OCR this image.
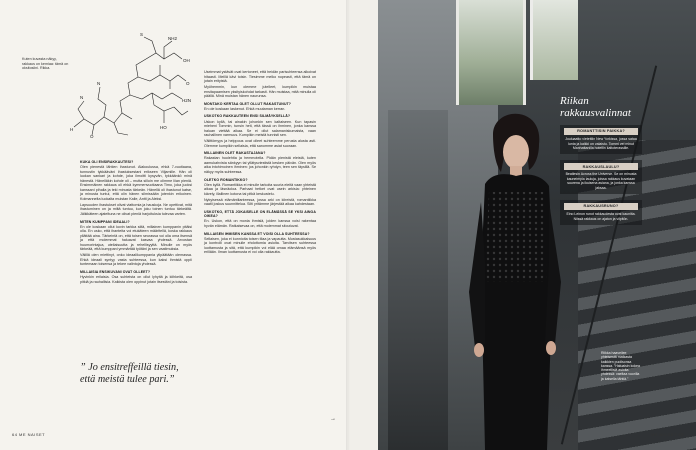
H
O
N
NH2
S
OH
H2N
HO
O
N
Kuten kuvasta näkyy, rakkaus on kemiaa: tämä on oksitosiini. Rikka.
KUKA OLI ENSIRAKKAUTESI?

Olen pienestä lähtien ihastunut. Alakoulussa, ehkä 7-vuotiaana, tunnustin tykkääväni ihastuksestani erikseen Viljamille. Hän oli luokan sankari ja kohde, joka ilmoitti kysyvän, tykkäänkö minä hänestä. Hänelläkin kohde oli – mutta silloin me olimme liian pieniä. Ensimmäinen rakkaus oli ehkä kymmenvuotiaana Timo, joka juoksi kanssani pihalla ja teki minusta tärkeän. Hänellä oli ihastunut katse, ja minusta tuntui, että olin hänen silmissään jotenkin erikoinen. Kolmannelta luokalta muistan Kalle, Antti ja Aleksi.

Lapsuuden ihastukset olivat viattomia ja hauskoja. Ne opettivat, mitä ihastuminen on ja miltä tuntuu, kun joku toinen tuntuu tärkeältä. Jälkikäteen ajateltuna ne olivat pieniä harjoituksia tulevaa varten.

MITEN KUMPPANI IDEAALI?

En ole koskaan ollut kovin tarkka siitä, millainen kumppanin pitäisi olla. En usko, että ihanteita voi etukäteen määritellä, koska rakkaus yllättää aina. Tärkeintä on, että toisen seurassa voi olla oma itsensä ja että molemmat haluavat kasvaa yhdessä. Arvostan huumorintajua, uteliaisuutta ja rehellisyyttä. Minulle on myös tärkeää, että kumppani ymmärtää työtäni ja sen vaatimuksia.

Välillä olen miettinyt, onko ideaalikumppania ylipäätään olemassa. Ehkä ideaali syntyy vasta suhteessa, kun kaksi ihmistä oppii tuntemaan toisensa ja tekee valintoja yhdessä.

MILLAISIA ENSIKUVANI OVAT OLLEET?

Hyvinkin erilaisia. Osa suhteista on ollut lyhyitä ja kiihkeitä, osa pitkiä ja rauhallisia. Kaikista olen oppinut jotain itsestäni ja toisista.

” Jo ensitreffeillä tiesin, että meistä tulee pari.”

Useimmat ystävät ovat kertoneet, että heidän parisuhteensa alkoivat hitaasti. Meillä kävi toisin. Tiesimme melko nopeasti, että tämä on jotain erityistä.

Myöhemmin, kun olemme jutelleet, kumpikin muistaa ensitapaamisen yksityiskohdat tarkasti. Hän muistaa, mitä minulla oli päällä. Minä muistan hänen naurunsa.

MONTAKO KERTAA OLET OLLUT RAKASTUNUT?

En ole koskaan laskenut. Ehkä muutaman kerran.

USKOTKO RAKKAUTEEN ENSI SILMÄYKSELLÄ?

Uskon kyllä, tai ainakin johonkin sen kaltaiseen. Kun tapasin mieheni Tommin, tunsin heti, että tässä on ihminen, jonka kanssa haluan viettää aikaa. Se ei ollut salamaniskumaista, vaan rauhallinen varmuus. Kumpikin meistä tunnisti sen.

Välittömyys ja helppous ovat olleet suhteemme perusta alusta asti. Olemme kumpikin sellaisia, että sanomme asiat suoraan.

MILLAINEN OLET RAKASTAJANA?

Rakastan huolehtia ja hemmotella. Pidän pienistä eleistä, kuten aamukahvista sänkyyn tai yllätysviestistä kesken päivän. Olen myös aika intohimoinen ihminen: jos johonkin ryhdyn, teen sen täysillä. Se näkyy myös suhteessa.

OLETKO ROMANTIKKO?

Olen kyllä. Romantiikka ei minulle tarkoita suuria eleitä vaan yhteistä aikaa ja läsnäoloa. Parhaat hetket ovat usein arkisia: yhteinen kävely, illallinen kotona tai pitkä keskustelu.

Nykyisessä elämäntilanteessa, jossa arki on kiireistä, romantiikka vaatii joskus suunnittelua. Silti yritämme järjestää aikaa kahdestaan.

USKOTKO, ETTÄ JOKAISELLE ON ELÄMÄSSÄ SE YKSI AINOA OIKEA?

En. Uskon, että on monia ihmisiä, joiden kanssa voisi rakentaa hyvän elämän. Ratkaisevaa on, että molemmat sitoutuvat.

MILLAISEN IHMISEN KANSSA ET VOISI OLLA SUHTEESSA?

Sellaisen, joka ei kunnioita toisen tilaa ja vapautta. Mustasukkaisuus ja kontrolli ovat minulle ehdottomia asioita. Tarvitsen suhteessa luottamusta ja sitä, että kumpikin voi elää omaa elämäänsä myös erillään. Ilman luottamusta ei voi olla rakkautta.

64 ME NAISET
→
Riikan rakkausvalinnat
ROMANTTISIN PAIKKA?
Jouluaatto vietettiin New Yorkissa, jossa sataa lunta ja kaikki on valaistu. Tommi vei minut Manhattanilla hotellin kattoterassille.
RAKKAUSLAULU?
Beatlesin Across the Universe. Se on minusta kauneimpia lauluja, joissa rakkaus kuvataan suurena ja ikuisena asiana, ja jonka kanssa jaksaa.
RAKKAUSRUNO?
Eino Leinon runot rakkaudesta ovat kauniita. Niissä rakkaus on ajaton ja vilpitön.
Riikka haaveilee yhteisestä matkasta kaikkien puolisonsa kanssa. ”Haluaisin kokea ihmeellisiä asioita yhdessä: vaeltaa vuorilla ja katsella tähtiä.”
ME NAISET 65
